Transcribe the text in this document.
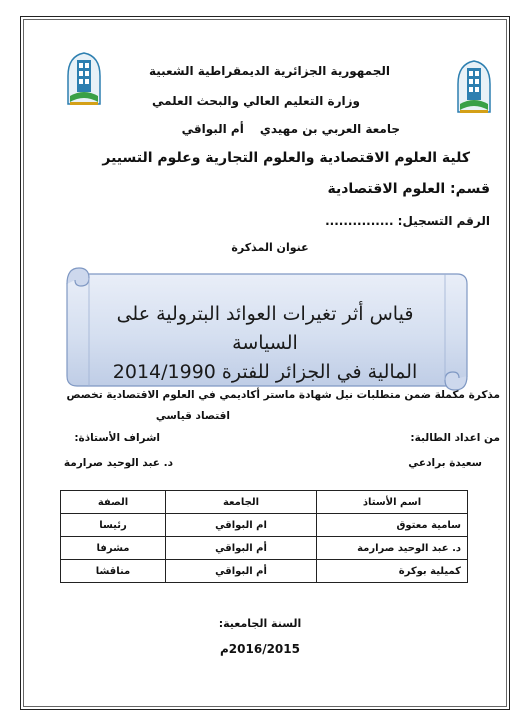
الجمهورية الجزائرية الديمقراطية الشعبية
وزارة التعليم العالي والبحث العلمي
جامعة العربي بن مهيديأم البواقي
كلية العلوم الاقتصادية والعلوم التجارية وعلوم التسيير
قسم: العلوم الاقتصادية
الرقم التسجيل: ...............
عنوان المذكرة
قياس أثر تغيرات العوائد البترولية على السياسة
المالية في الجزائر للفترة 2014/1990
مذكرة مكملة ضمن متطلبات نيل شهادة ماستر أكاديمي في العلوم الاقتصادية تخصص
اقتصاد قياسي
من اعداد الطالبة:
اشراف الأستاذة:
سعيدة برادعي
د. عبد الوحيد صرارمة
اسم الأستاذ	الجامعة	الصفة
سامية معتوق	ام البواقي	رئيسا
د. عبد الوحيد صرارمة	أم البواقي	مشرفا
كميلية بوكرة	أم البواقي	مناقشا
السنة الجامعية:
2016/2015م
